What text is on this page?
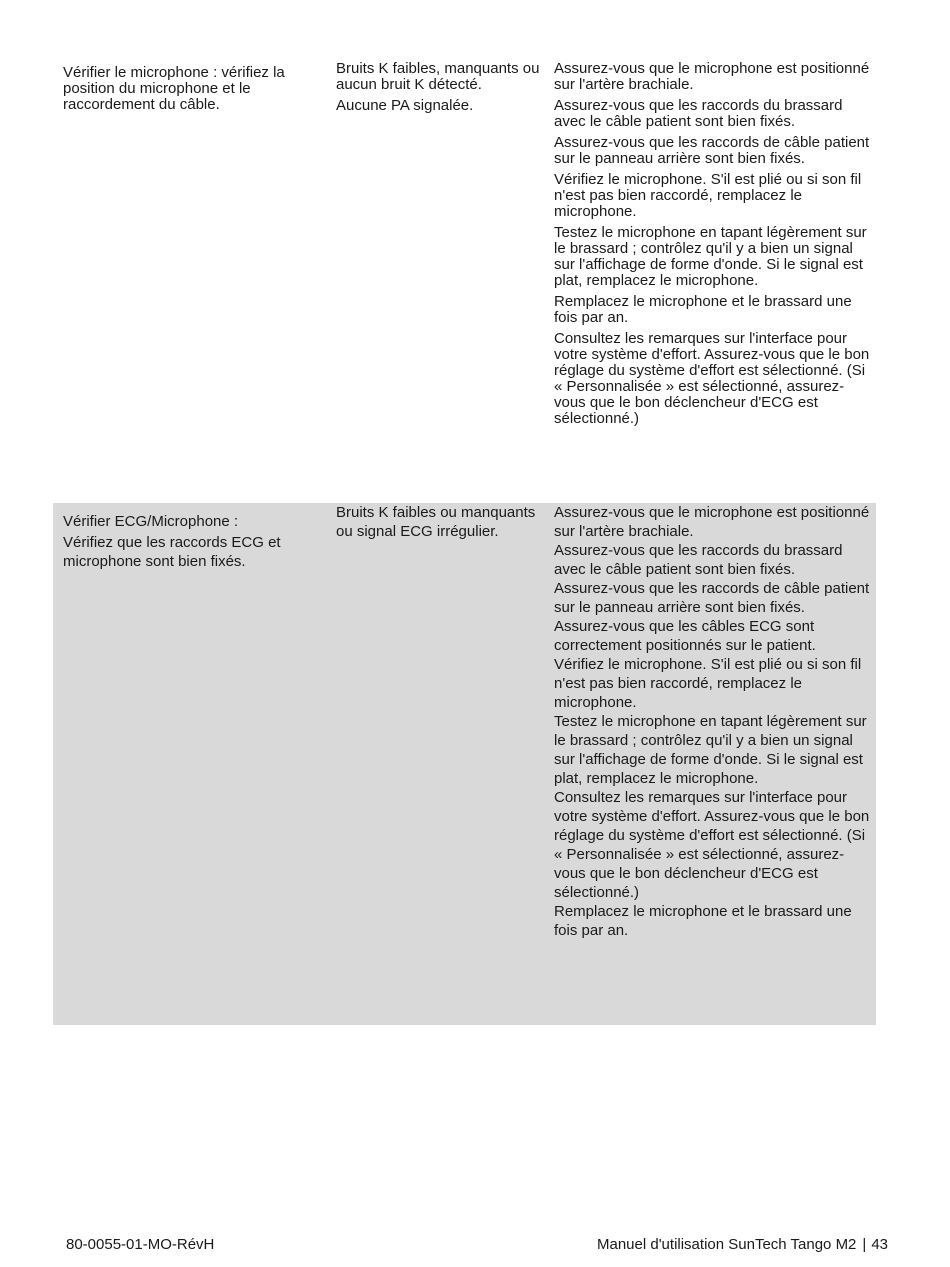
Vérifier le microphone : vérifiez la position du microphone et le raccordement du câble.

Bruits K faibles, manquants ou aucun bruit K détecté.

Aucune PA signalée.

Assurez-vous que le microphone est positionné sur l'artère brachiale.

Assurez-vous que les raccords du brassard avec le câble patient sont bien fixés.

Assurez-vous que les raccords de câble patient sur le panneau arrière sont bien fixés.

Vérifiez le microphone. S'il est plié ou si son fil n'est pas bien raccordé, remplacez le microphone.

Testez le microphone en tapant légèrement sur le brassard ; contrôlez qu'il y a bien un signal sur l'affichage de forme d'onde. Si le signal est plat, remplacez le microphone.

Remplacez le microphone et le brassard une fois par an.

Consultez les remarques sur l'interface pour votre système d'effort. Assurez-vous que le bon réglage du système d'effort est sélectionné. (Si « Personnalisée » est sélectionné, assurez-vous que le bon déclencheur d'ECG est sélectionné.)

Vérifier ECG/Microphone :

Vérifiez que les raccords ECG et microphone sont bien fixés.

Bruits K faibles ou manquants ou signal ECG irrégulier.

Assurez-vous que le microphone est positionné sur l'artère brachiale.

Assurez-vous que les raccords du brassard avec le câble patient sont bien fixés.

Assurez-vous que les raccords de câble patient sur le panneau arrière sont bien fixés.

Assurez-vous que les câbles ECG sont correctement positionnés sur le patient.

Vérifiez le microphone. S'il est plié ou si son fil n'est pas bien raccordé, remplacez le microphone.

Testez le microphone en tapant légèrement sur le brassard ; contrôlez qu'il y a bien un signal sur l'affichage de forme d'onde. Si le signal est plat, remplacez le microphone.

Consultez les remarques sur l'interface pour votre système d'effort. Assurez-vous que le bon réglage du système d'effort est sélectionné. (Si « Personnalisée » est sélectionné, assurez-vous que le bon déclencheur d'ECG est sélectionné.)

Remplacez le microphone et le brassard une fois par an.

80-0055-01-MO-RévH	Manuel d'utilisation SunTech Tango M2 | 43
